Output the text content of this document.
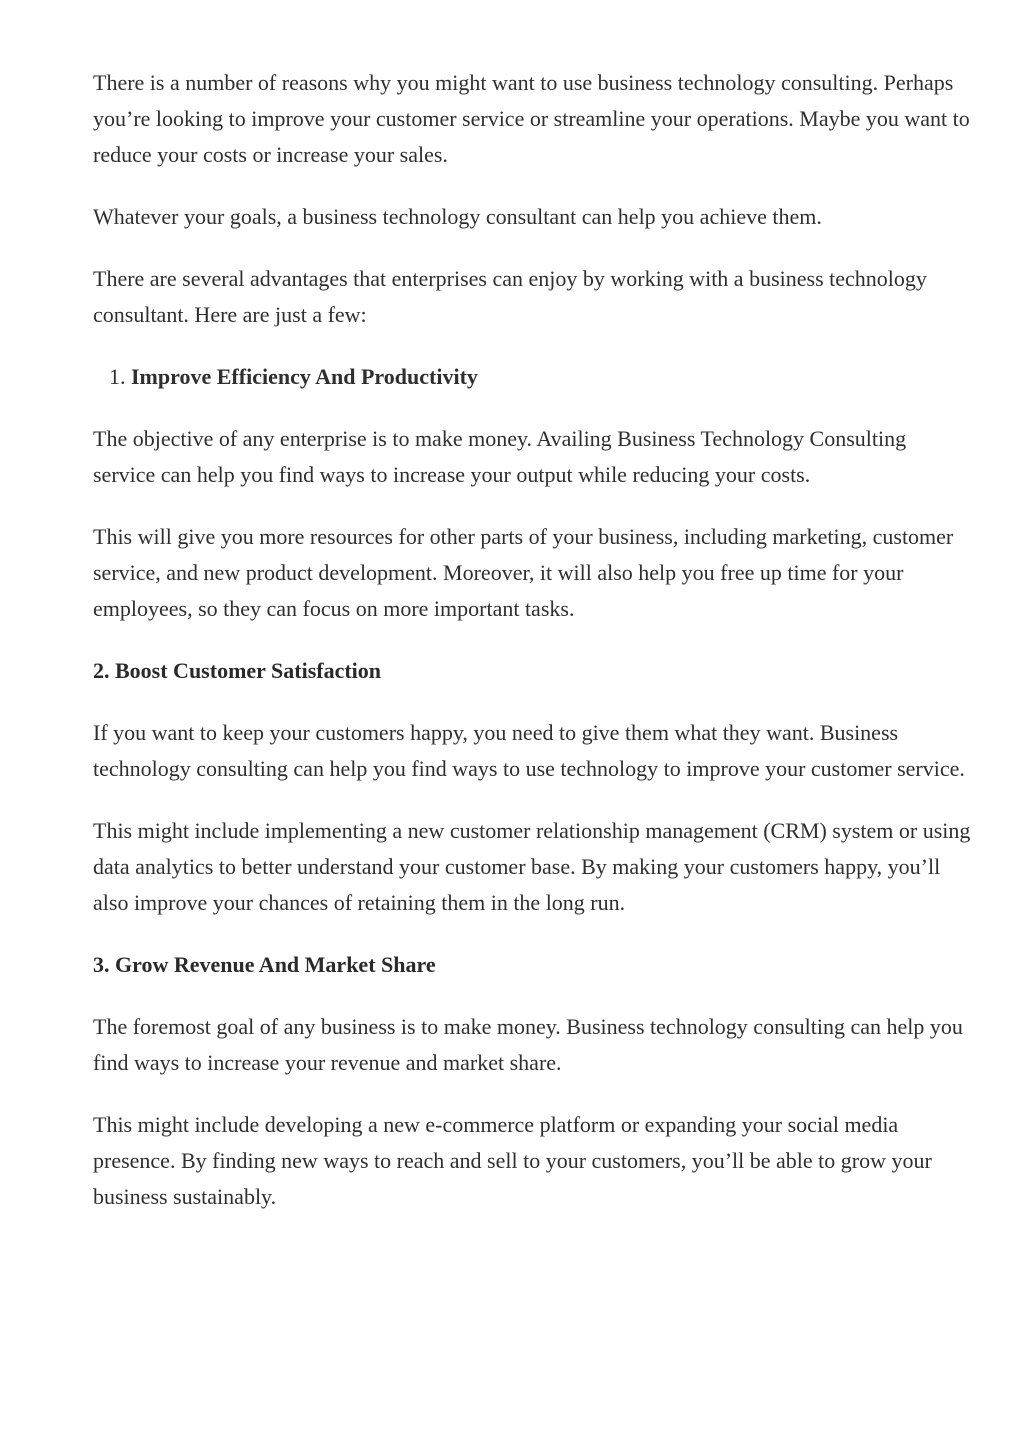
There is a number of reasons why you might want to use business technology consulting. Perhaps you’re looking to improve your customer service or streamline your operations. Maybe you want to reduce your costs or increase your sales.

Whatever your goals, a business technology consultant can help you achieve them.

There are several advantages that enterprises can enjoy by working with a business technology consultant. Here are just a few:

1. Improve Efficiency And Productivity

The objective of any enterprise is to make money. Availing Business Technology Consulting service can help you find ways to increase your output while reducing your costs.

This will give you more resources for other parts of your business, including marketing, customer service, and new product development. Moreover, it will also help you free up time for your employees, so they can focus on more important tasks.

2. Boost Customer Satisfaction

If you want to keep your customers happy, you need to give them what they want. Business technology consulting can help you find ways to use technology to improve your customer service.

This might include implementing a new customer relationship management (CRM) system or using data analytics to better understand your customer base. By making your customers happy, you’ll also improve your chances of retaining them in the long run.

3. Grow Revenue And Market Share

The foremost goal of any business is to make money. Business technology consulting can help you find ways to increase your revenue and market share.

This might include developing a new e-commerce platform or expanding your social media presence. By finding new ways to reach and sell to your customers, you’ll be able to grow your business sustainably.
